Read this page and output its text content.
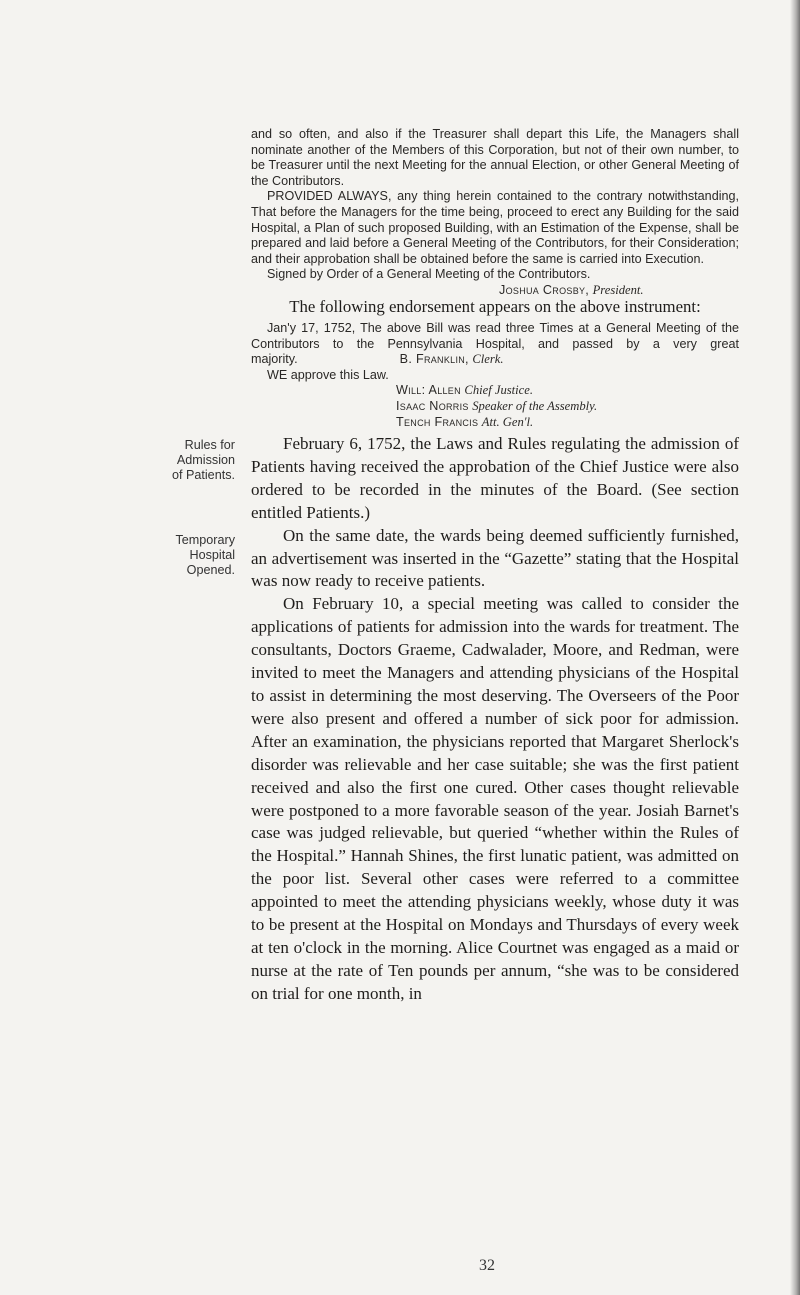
and so often, and also if the Treasurer shall depart this Life, the Managers shall nominate another of the Members of this Corporation, but not of their own number, to be Treasurer until the next Meeting for the annual Election, or other General Meeting of the Contributors.

PROVIDED ALWAYS, any thing herein contained to the contrary notwithstanding, That before the Managers for the time being, proceed to erect any Building for the said Hospital, a Plan of such proposed Building, with an Estimation of the Expense, shall be prepared and laid before a General Meeting of the Contributors, for their Consideration; and their approbation shall be obtained before the same is carried into Execution.

Signed by Order of a General Meeting of the Contributors.

Joshua Crosby, President.

The following endorsement appears on the above instrument:

Jan'y 17, 1752, The above Bill was read three Times at a General Meeting of the Contributors to the Pennsylvania Hospital, and passed by a very great majority.	B. Franklin, Clerk.

WE approve this Law.

Will: Allen Chief Justice.

Isaac Norris Speaker of the Assembly.

Tench Francis Att. Gen'l.

Rules for
Admission
of Patients.
Temporary
Hospital
Opened.

February 6, 1752, the Laws and Rules regulating the admission of Patients having received the approbation of the Chief Justice were also ordered to be recorded in the minutes of the Board. (See section entitled Patients.)

On the same date, the wards being deemed sufficiently furnished, an advertisement was inserted in the “Gazette” stating that the Hospital was now ready to receive patients.

On February 10, a special meeting was called to consider the applications of patients for admission into the wards for treatment. The consultants, Doctors Graeme, Cadwalader, Moore, and Redman, were invited to meet the Managers and attending physicians of the Hospital to assist in determining the most deserving. The Overseers of the Poor were also present and offered a number of sick poor for admission. After an examination, the physicians reported that Margaret Sherlock's disorder was relievable and her case suitable; she was the first patient received and also the first one cured. Other cases thought relievable were postponed to a more favorable season of the year. Josiah Barnet's case was judged relievable, but queried “whether within the Rules of the Hospital.” Hannah Shines, the first lunatic patient, was admitted on the poor list. Several other cases were referred to a committee appointed to meet the attending physicians weekly, whose duty it was to be present at the Hospital on Mondays and Thursdays of every week at ten o'clock in the morning. Alice Courtnet was engaged as a maid or nurse at the rate of Ten pounds per annum, “she was to be considered on trial for one month, in

32
